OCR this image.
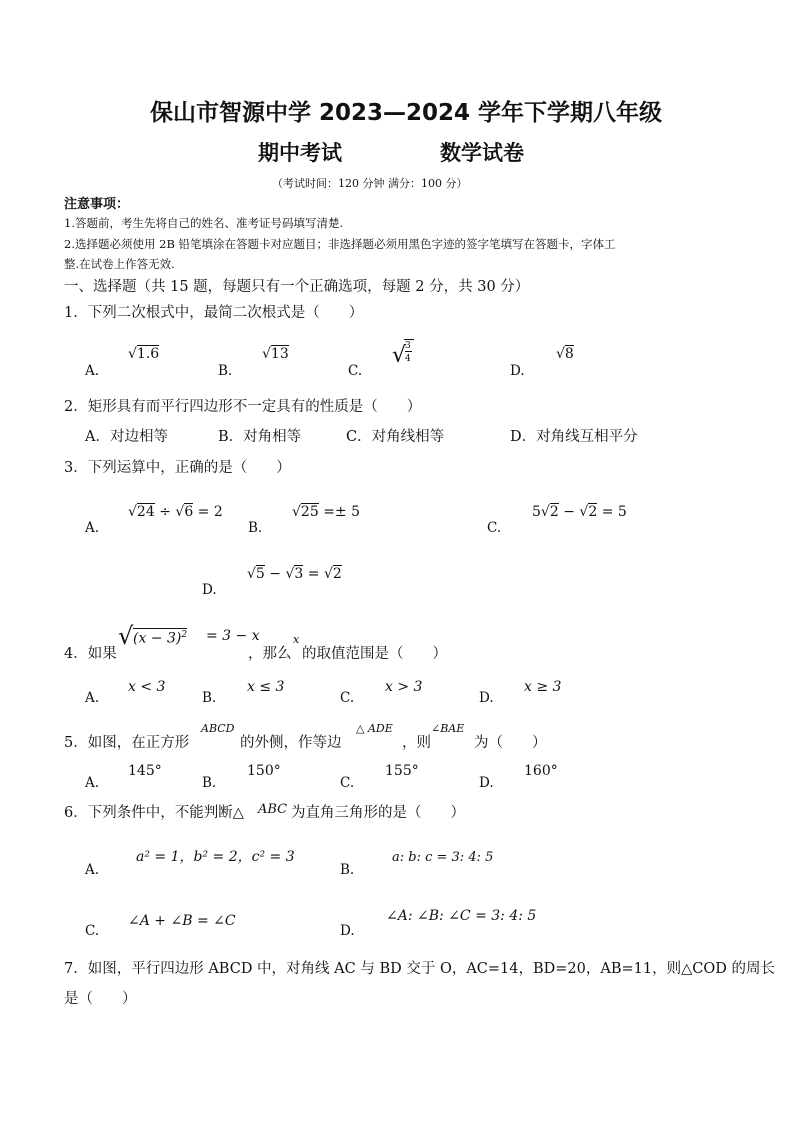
保山市智源中学 2023—2024 学年下学期八年级
期中考试	数学试卷
（考试时间：120 分钟 满分：100 分）
注意事项：
1.答题前，考生先将自己的姓名、准考证号码填写清楚.
2.选择题必须使用 2B 铅笔填涂在答题卡对应题目；非选择题必须用黑色字迹的签字笔填写在答题卡，字体工
整.在试卷上作答无效.
一、选择题（共 15 题，每题只有一个正确选项，每题 2 分，共 30 分）
1．下列二次根式中，最简二次根式是（　　）
A.
√1.6
B.
√13
C.
√
3
4
D.
√8
2．矩形具有而平行四边形不一定具有的性质是（　　）
A．对边相等	B．对角相等	C．对角线相等	D．对角线互相平分
3．下列运算中，正确的是（　　）
A.
√24 ÷ √6 = 2
B.
√25 =± 5
C.
5√2 − √2 = 5
D.
√5 − √3 = √2
4．如果
√ $(x - 3)^2 = 3 - x$
，那么
x
的取值范围是（　　）
A.
x < 3
B.
x ≤ 3
C.
x > 3
D.
x ≥ 3
5．如图，在正方形
ABCD
的外侧，作等边
△ ADE
，则
∠BAE
为（　　）
A.
145°
B.
150°
C.
155°
D.
160°
6．下列条件中，不能判断△ ABC 为直角三角形的是（　　）
A.
a² = 1，b² = 2，c² = 3
B.
a: b: c = 3: 4: 5
C.
∠A + ∠B = ∠C
D.
∠A: ∠B: ∠C = 3: 4: 5
7．如图，平行四边形 ABCD 中，对角线 AC 与 BD 交于 O，AC=14，BD=20，AB=11，则△COD 的周长
是（　　）
